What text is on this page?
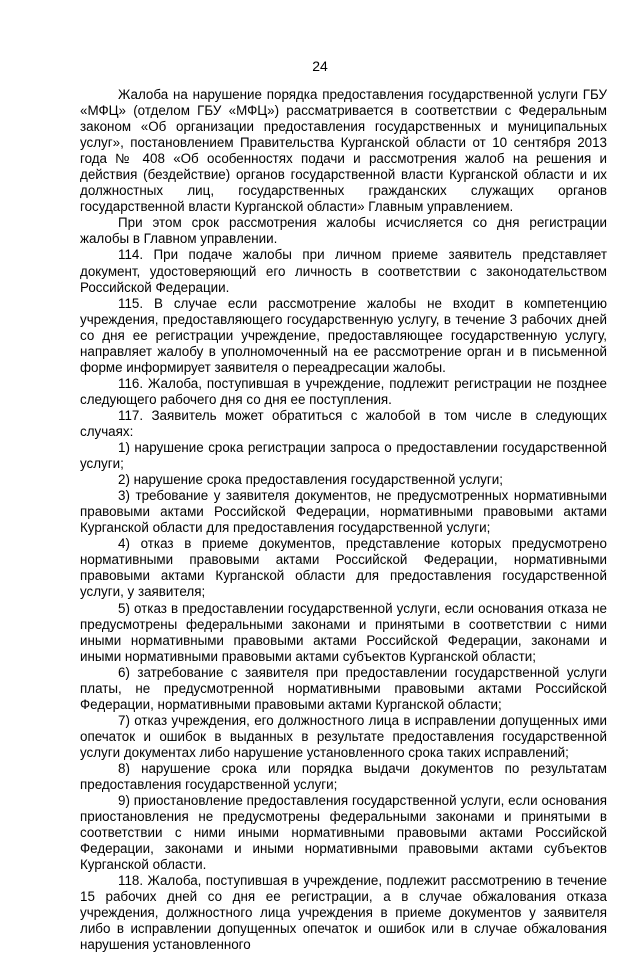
24

Жалоба на нарушение порядка предоставления государственной услуги ГБУ «МФЦ» (отделом ГБУ «МФЦ») рассматривается в соответствии с Федеральным законом «Об организации предоставления государственных и муниципальных услуг», постановлением Правительства Курганской области от 10 сентября 2013 года № 408 «Об особенностях подачи и рассмотрения жалоб на решения и действия (бездействие) органов государственной власти Курганской области и их должностных лиц, государственных гражданских служащих органов государственной власти Курганской области» Главным управлением.

При этом срок рассмотрения жалобы исчисляется со дня регистрации жалобы в Главном управлении.

114. При подаче жалобы при личном приеме заявитель представляет документ, удостоверяющий его личность в соответствии с законодательством Российской Федерации.

115. В случае если рассмотрение жалобы не входит в компетенцию учреждения, предоставляющего государственную услугу, в течение 3 рабочих дней со дня ее регистрации учреждение, предоставляющее государственную услугу, направляет жалобу в уполномоченный на ее рассмотрение орган и в письменной форме информирует заявителя о переадресации жалобы.

116. Жалоба, поступившая в учреждение, подлежит регистрации не позднее следующего рабочего дня со дня ее поступления.

117. Заявитель может обратиться с жалобой в том числе в следующих случаях:

1) нарушение срока регистрации запроса о предоставлении государственной услуги;

2) нарушение срока предоставления государственной услуги;

3) требование у заявителя документов, не предусмотренных нормативными правовыми актами Российской Федерации, нормативными правовыми актами Курганской области для предоставления государственной услуги;

4) отказ в приеме документов, представление которых предусмотрено нормативными правовыми актами Российской Федерации, нормативными правовыми актами Курганской области для предоставления государственной услуги, у заявителя;

5) отказ в предоставлении государственной услуги, если основания отказа не предусмотрены федеральными законами и принятыми в соответствии с ними иными нормативными правовыми актами Российской Федерации, законами и иными нормативными правовыми актами субъектов Курганской области;

6) затребование с заявителя при предоставлении государственной услуги платы, не предусмотренной нормативными правовыми актами Российской Федерации, нормативными правовыми актами Курганской области;

7) отказ учреждения, его должностного лица в исправлении допущенных ими опечаток и ошибок в выданных в результате предоставления государственной услуги документах либо нарушение установленного срока таких исправлений;

8) нарушение срока или порядка выдачи документов по результатам предоставления государственной услуги;

9) приостановление предоставления государственной услуги, если основания приостановления не предусмотрены федеральными законами и принятыми в соответствии с ними иными нормативными правовыми актами Российской Федерации, законами и иными нормативными правовыми актами субъектов Курганской области.

118. Жалоба, поступившая в учреждение, подлежит рассмотрению в течение 15 рабочих дней со дня ее регистрации, а в случае обжалования отказа учреждения, должностного лица учреждения в приеме документов у заявителя либо в исправлении допущенных опечаток и ошибок или в случае обжалования нарушения установленного
